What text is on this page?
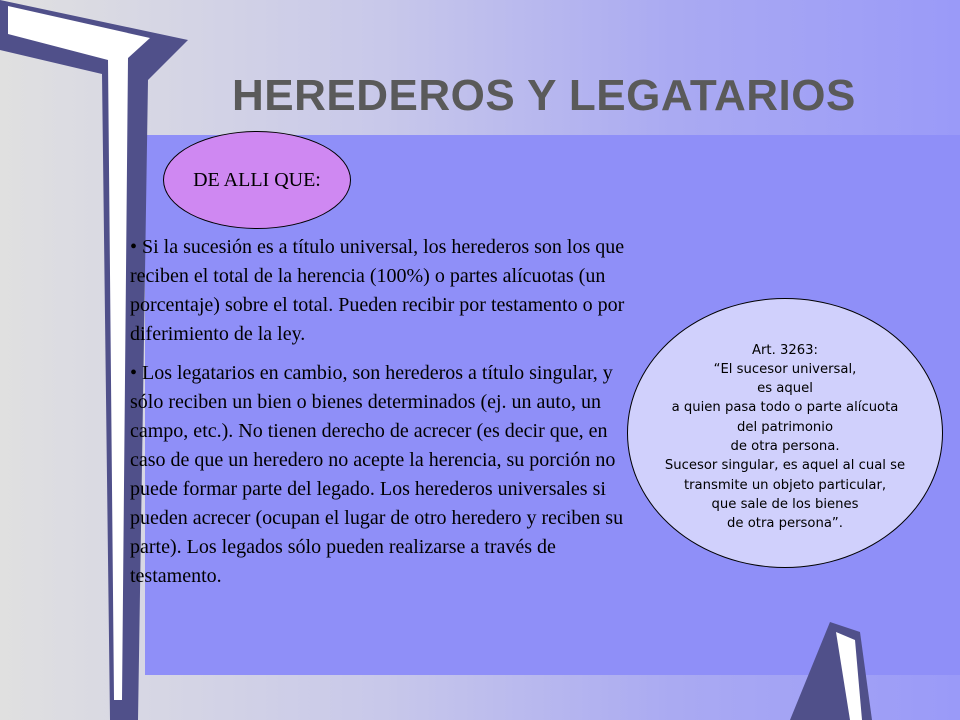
HEREDEROS Y LEGATARIOS
DE ALLI QUE:

• Si la sucesión es a título universal, los herederos son los que reciben el total de la herencia (100%) o partes alícuotas (un porcentaje) sobre el total. Pueden recibir por testamento o por diferimiento de la ley.

• Los legatarios en cambio, son herederos a título singular, y sólo reciben un bien o bienes determinados (ej. un auto, un campo, etc.). No tienen derecho de acrecer (es decir que, en caso de que un heredero no acepte la herencia, su porción no puede formar parte del legado. Los herederos universales si pueden acrecer (ocupan el lugar de otro heredero y reciben su parte). Los legados sólo pueden realizarse a través de testamento.

Art. 3263:
“El sucesor universal,
es aquel
a quien pasa todo o parte alícuota
del patrimonio
de otra persona.
Sucesor singular, es aquel al cual se
transmite un objeto particular,
que sale de los bienes
de otra persona”.
